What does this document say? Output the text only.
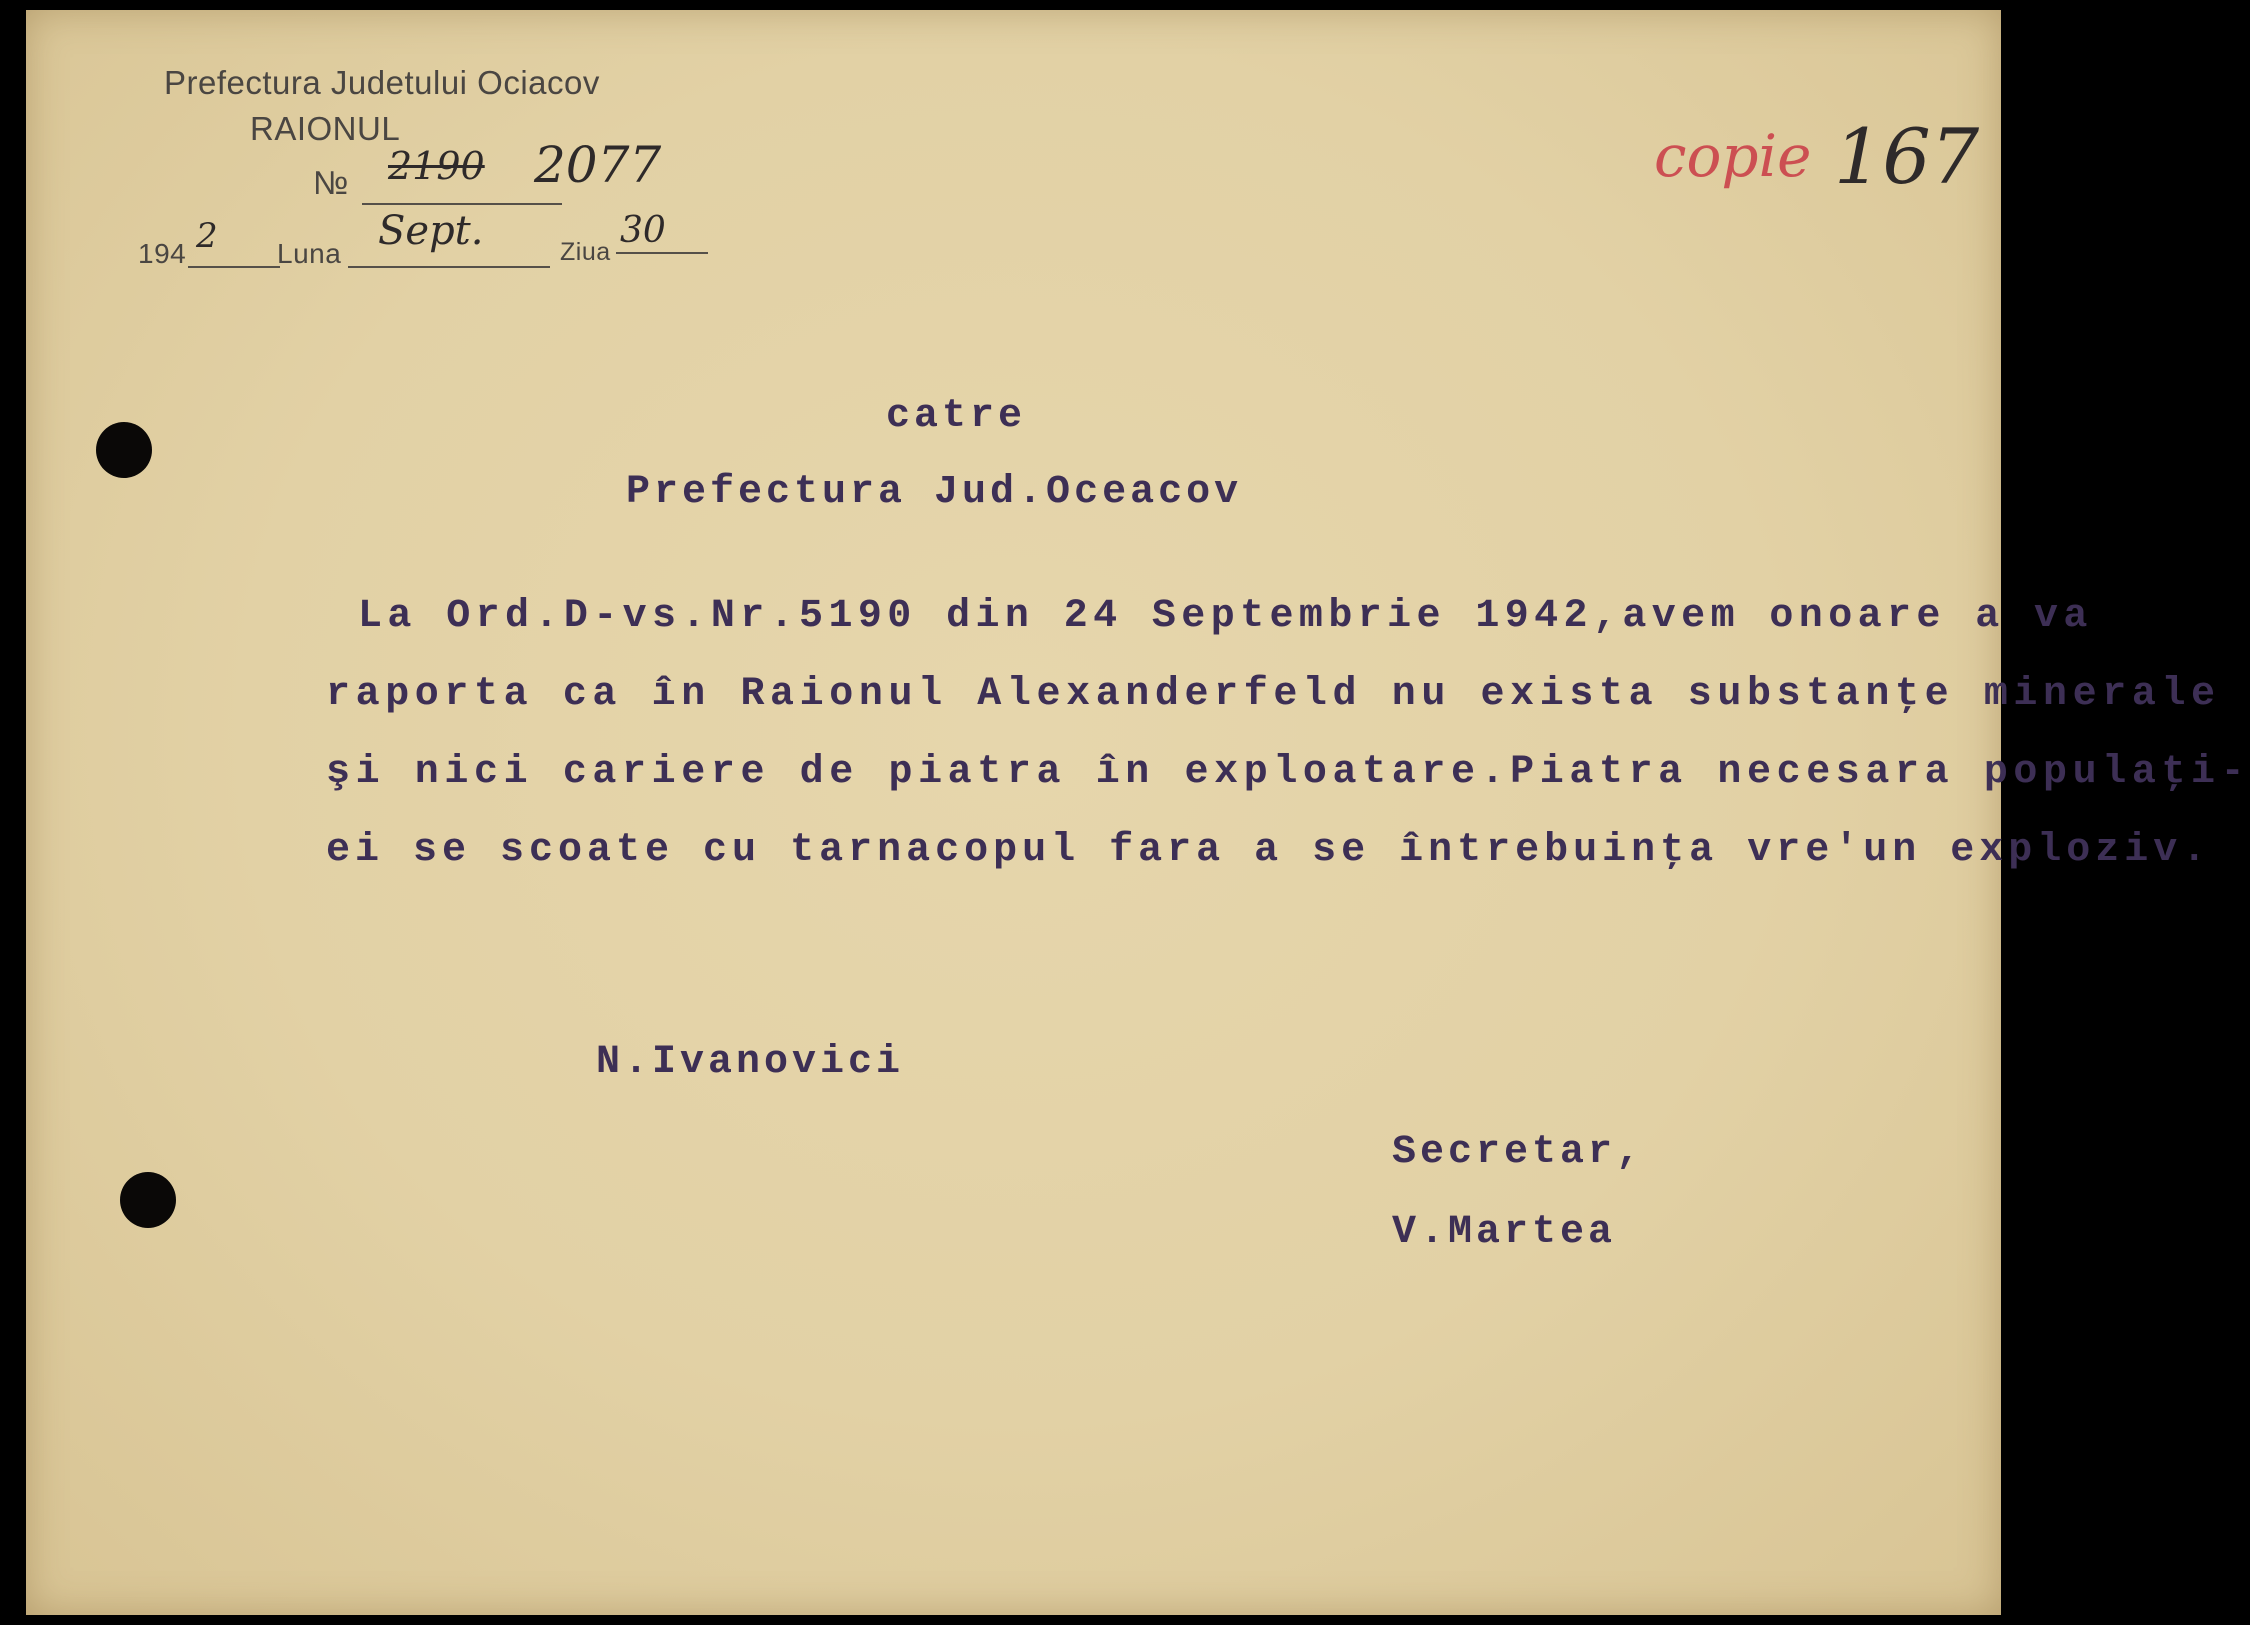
Prefectura Judetului Ociacov
RAIONUL
№ 2190 2077
194 2 Luna Sept.	Ziua
30
copie 167
catre
Prefectura Jud.Oceacov
La Ord.D-vs.Nr.5190 din 24 Septembrie 1942,avem onoare a va
raporta ca în Raionul Alexanderfeld nu exista substanţe minerale
şi nici cariere de piatra în exploatare.Piatra necesara populaţi-
ei se scoate cu tarnacopul fara a se întrebuinţa vre'un exploziv.
N.Ivanovici
Secretar,
V.Martea
